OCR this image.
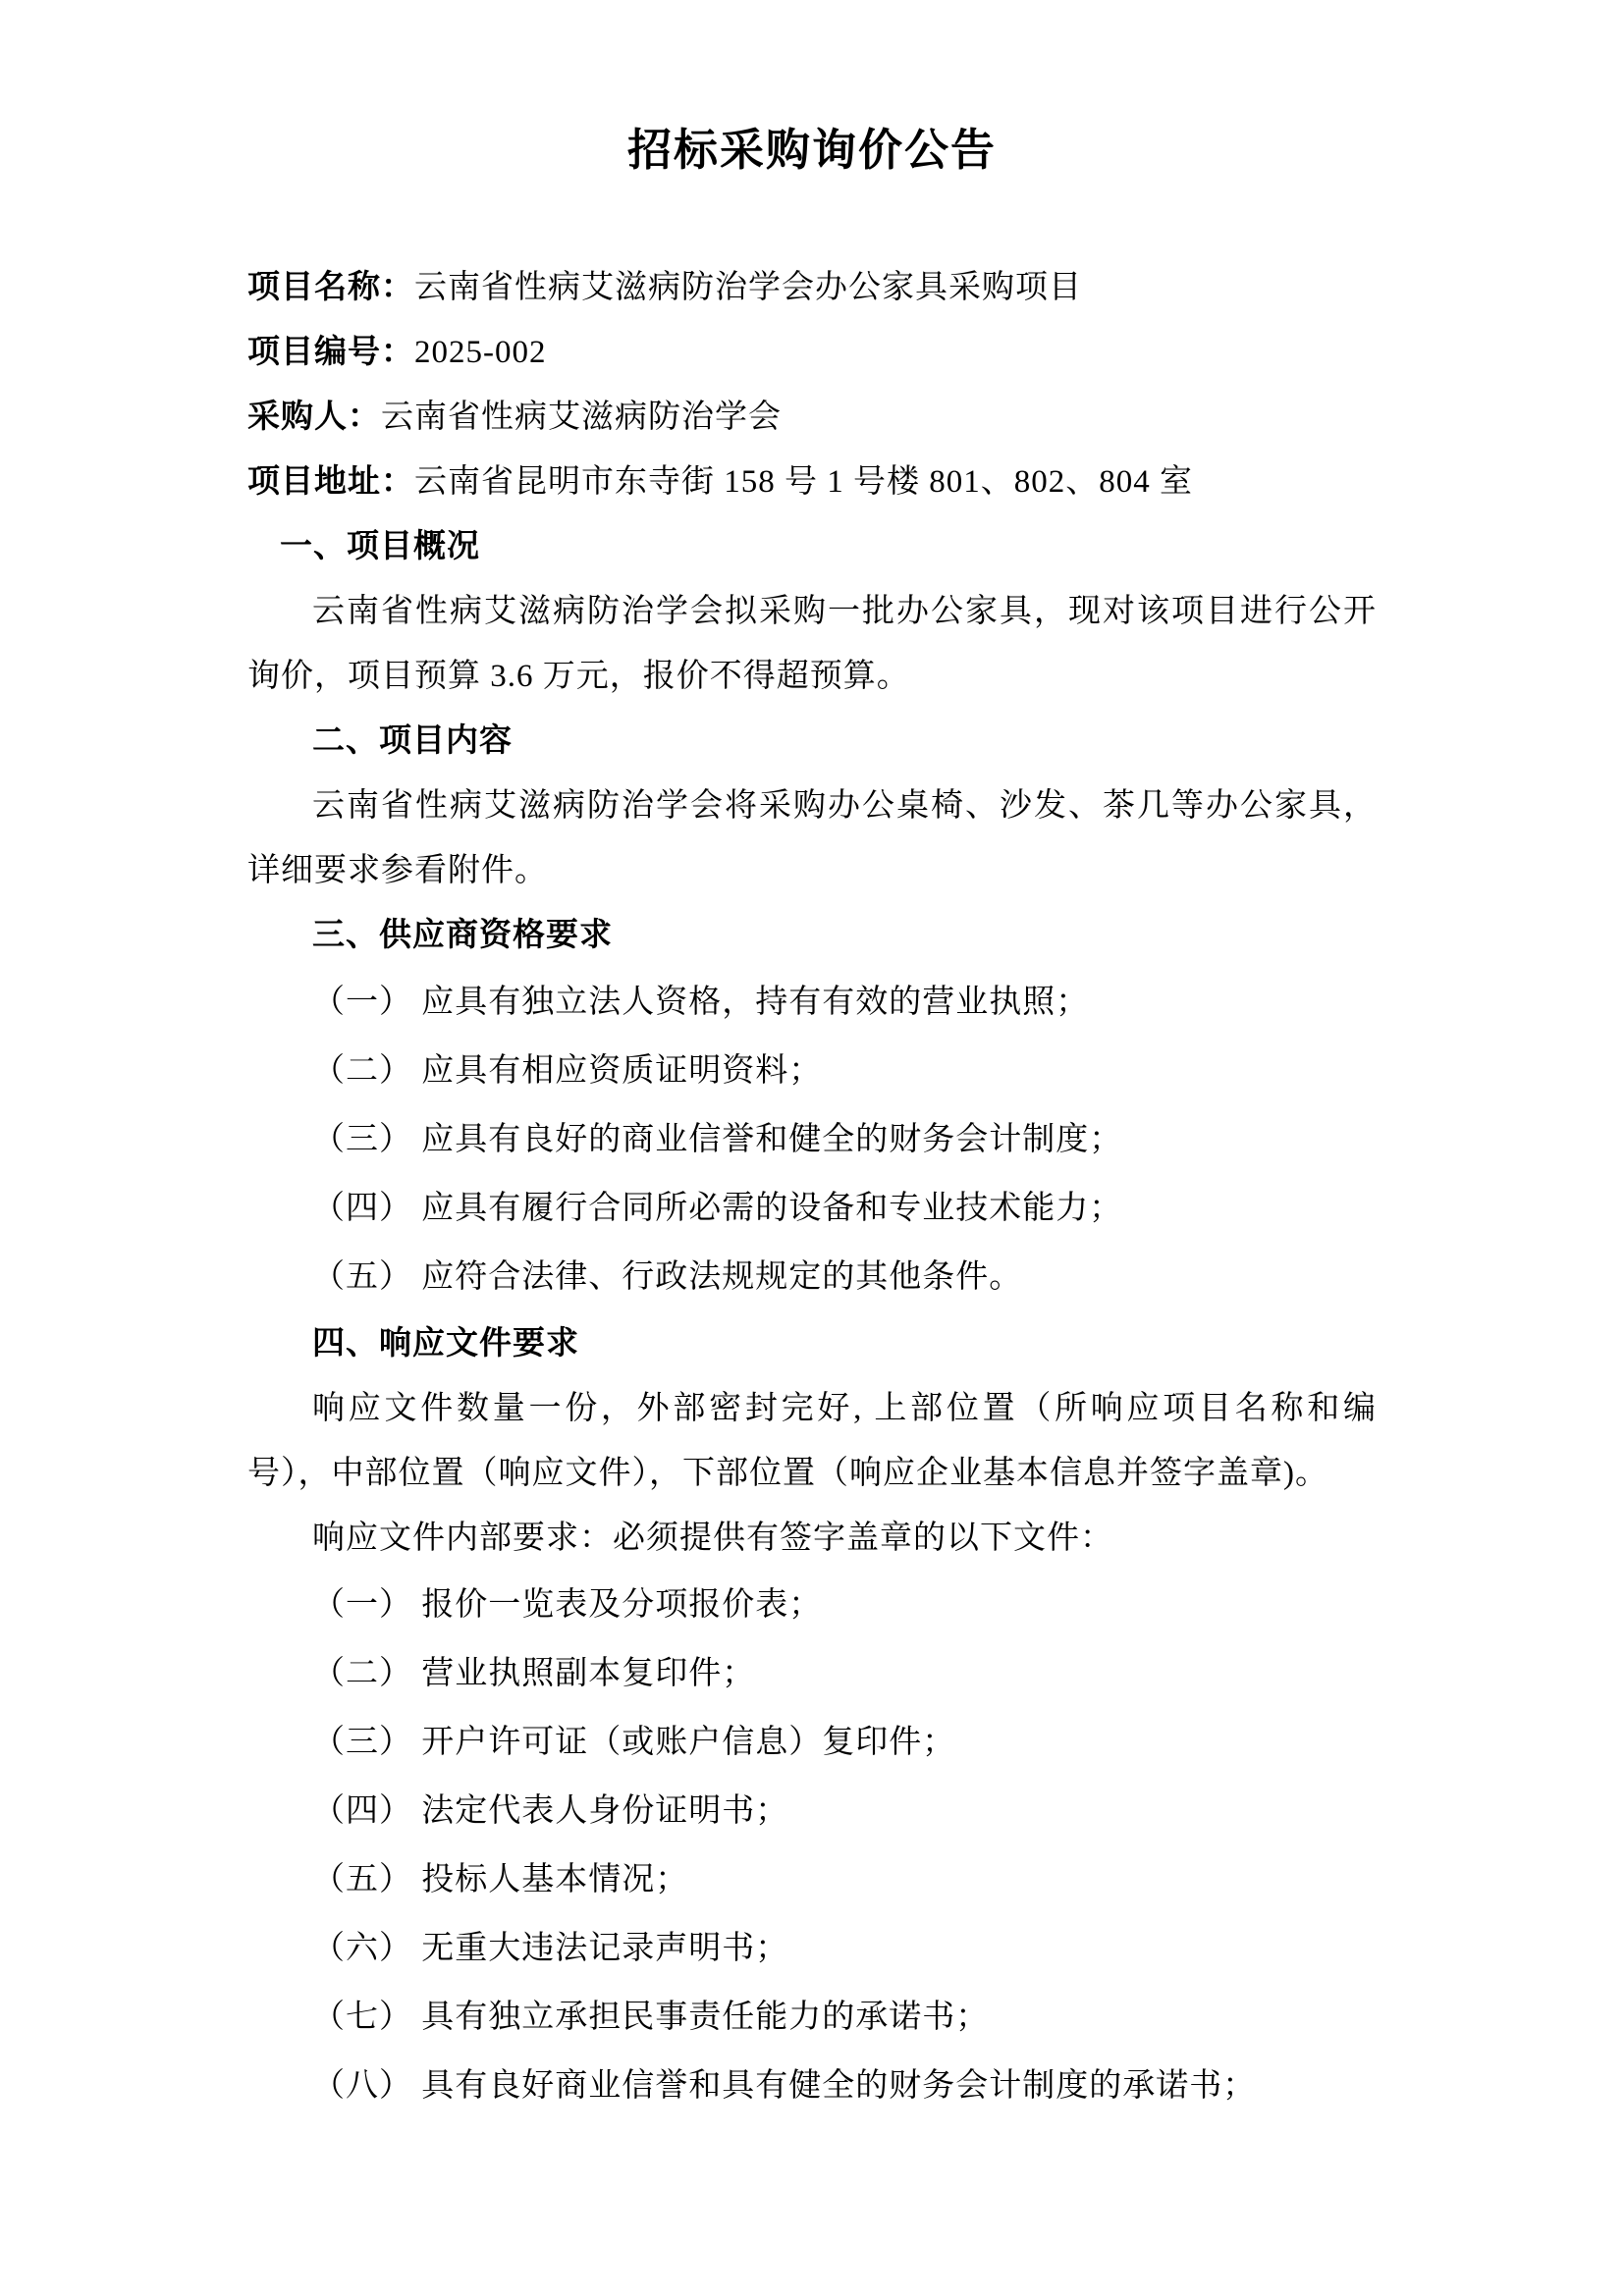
招标采购询价公告
项目名称：云南省性病艾滋病防治学会办公家具采购项目
项目编号：2025-002
采购人：云南省性病艾滋病防治学会
项目地址：云南省昆明市东寺街 158 号 1 号楼 801、802、804 室
一、项目概况

云南省性病艾滋病防治学会拟采购一批办公家具，现对该项目进行公开询价，项目预算 3.6 万元，报价不得超预算。

二、项目内容

云南省性病艾滋病防治学会将采购办公桌椅、沙发、茶几等办公家具，详细要求参看附件。

三、供应商资格要求
（一） 应具有独立法人资格，持有有效的营业执照；
（二） 应具有相应资质证明资料；
（三） 应具有良好的商业信誉和健全的财务会计制度；
（四） 应具有履行合同所必需的设备和专业技术能力；
（五） 应符合法律、行政法规规定的其他条件。
四、响应文件要求

响应文件数量一份，外部密封完好, 上部位置（所响应项目名称和编号），中部位置（响应文件），下部位置（响应企业基本信息并签字盖章)。

响应文件内部要求：必须提供有签字盖章的以下文件：

（一） 报价一览表及分项报价表；
（二） 营业执照副本复印件；
（三） 开户许可证（或账户信息）复印件；
（四） 法定代表人身份证明书；
（五） 投标人基本情况；
（六） 无重大违法记录声明书；
（七） 具有独立承担民事责任能力的承诺书；
（八） 具有良好商业信誉和具有健全的财务会计制度的承诺书；
